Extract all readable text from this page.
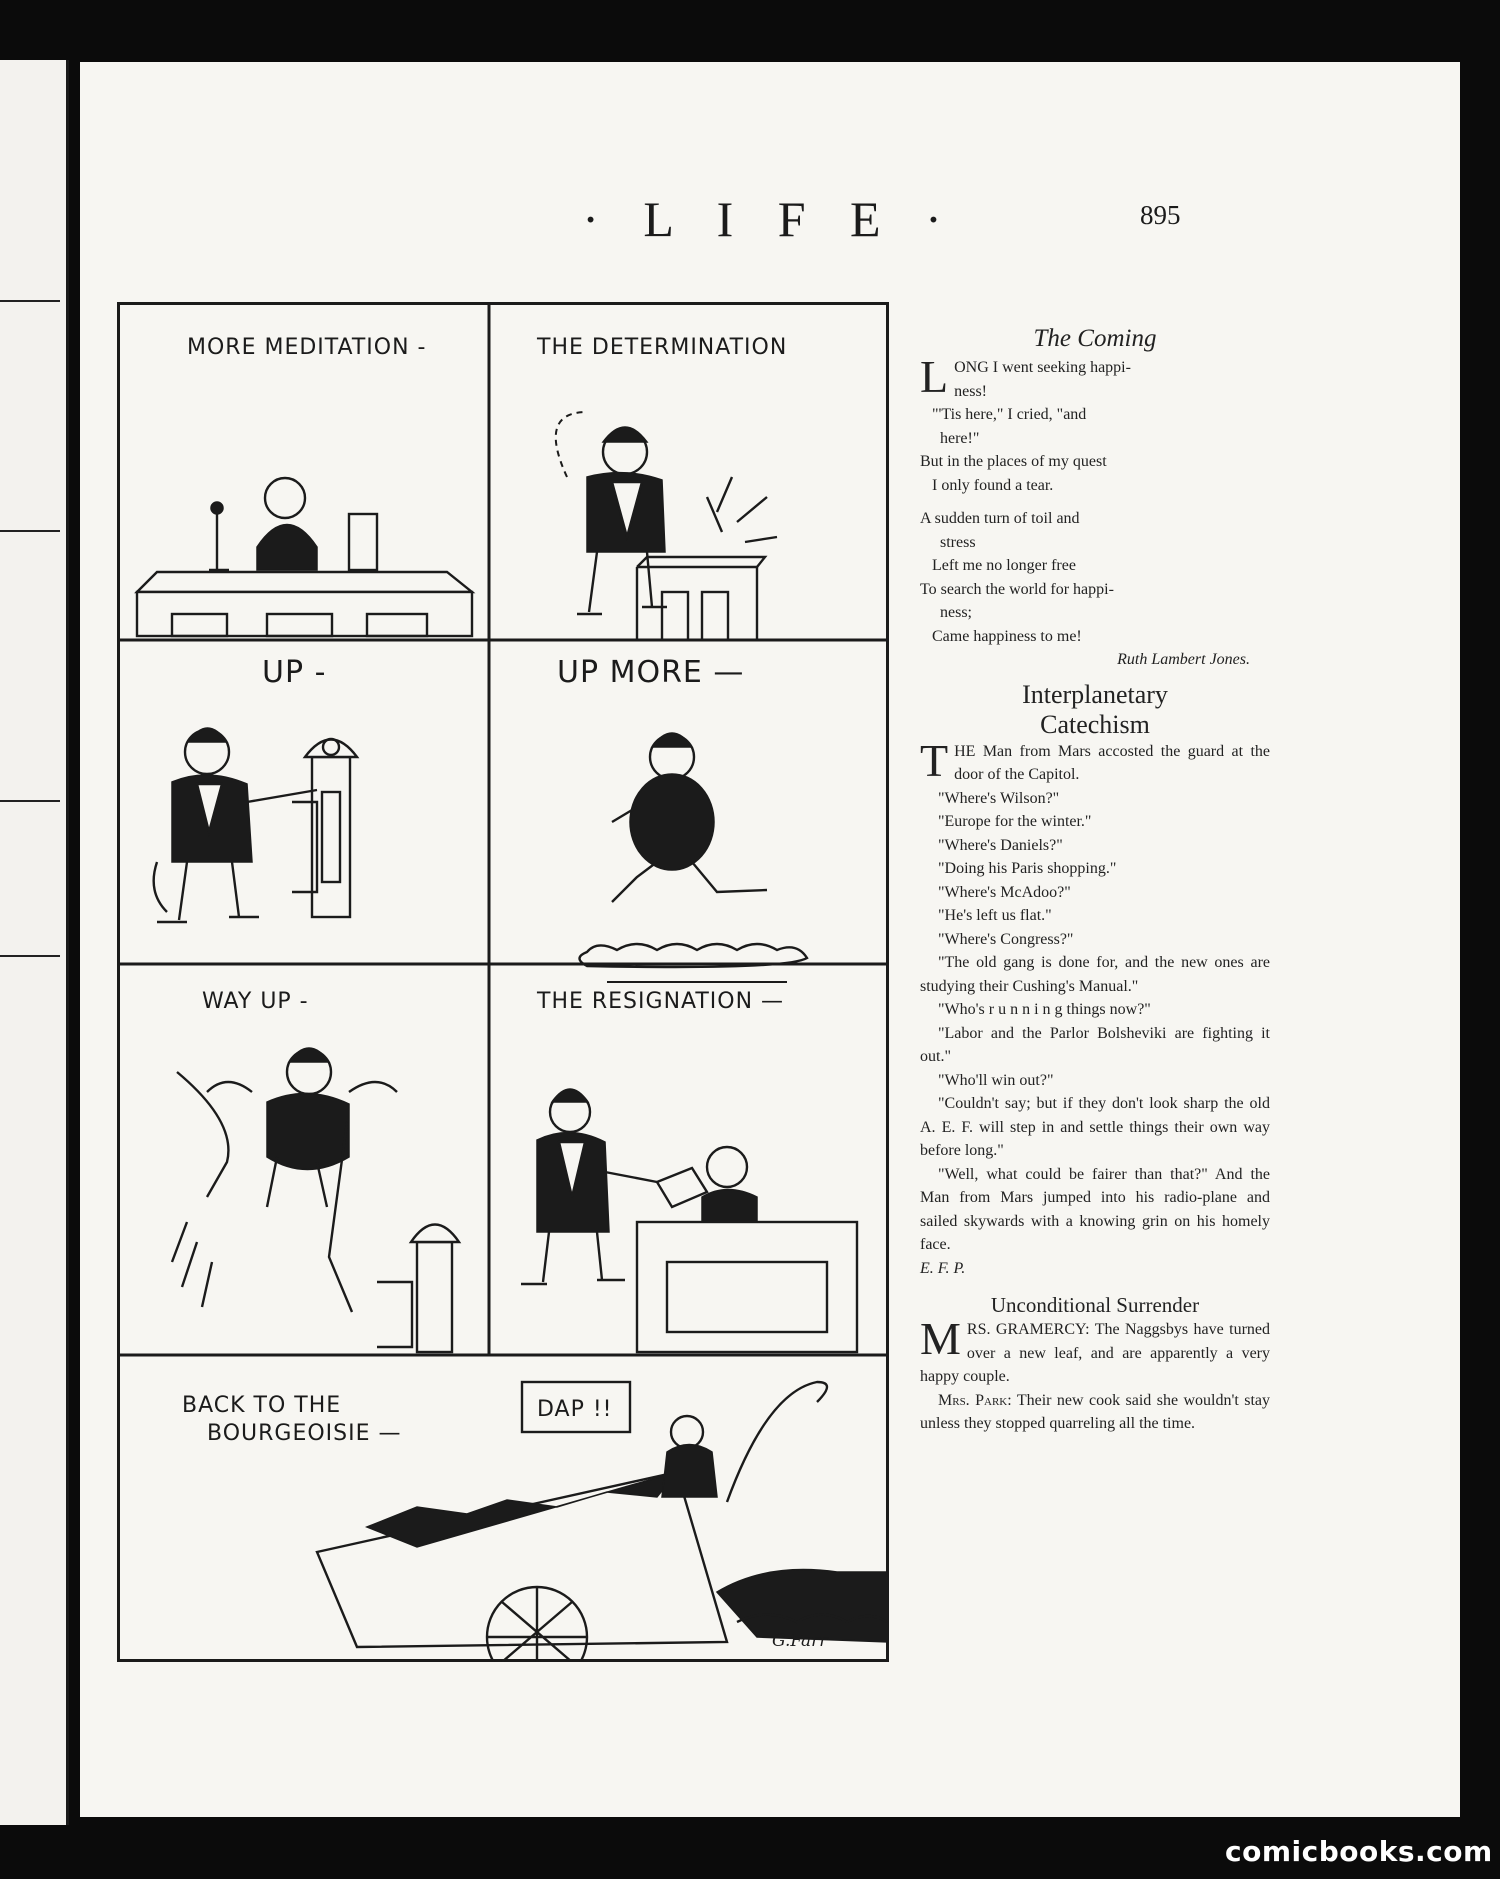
· L I F E ·	895
MORE MEDITATION -	THE DETERMINATION
UP -	UP MORE —
WAY UP -	THE RESIGNATION —
BACK TO THE
BOURGEOISIE —
DAP !!
G.Farr
The Coming
L ONG I went seeking happi-

ness!

"'Tis here," I cried, "and

here!"

But in the places of my quest

I only found a tear.

A sudden turn of toil and

stress

Left me no longer free

To search the world for happi-

ness;

Came happiness to me!

Ruth Lambert Jones.

Interplanetary
Catechism
T HE Man from Mars accosted the guard at the door of the Capitol.

"Where's Wilson?"

"Europe for the winter."

"Where's Daniels?"

"Doing his Paris shopping."

"Where's McAdoo?"

"He's left us flat."

"Where's Congress?"

"The old gang is done for, and the new ones are studying their Cushing's Manual."

"Who's r u n n i n g things now?"

"Labor and the Parlor Bolsheviki are fighting it out."

"Who'll win out?"

"Couldn't say; but if they don't look sharp the old A. E. F. will step in and settle things their own way before long."

"Well, what could be fairer than that?" And the Man from Mars jumped into his radio-plane and sailed skywards with a knowing grin on his homely face.

E. F. P.

Unconditional Surrender
M RS. GRAMERCY: The Naggsbys have turned over a new leaf, and are apparently a very happy couple.

Mrs. Park: Their new cook said she wouldn't stay unless they stopped quarreling all the time.

comicbooks.com
